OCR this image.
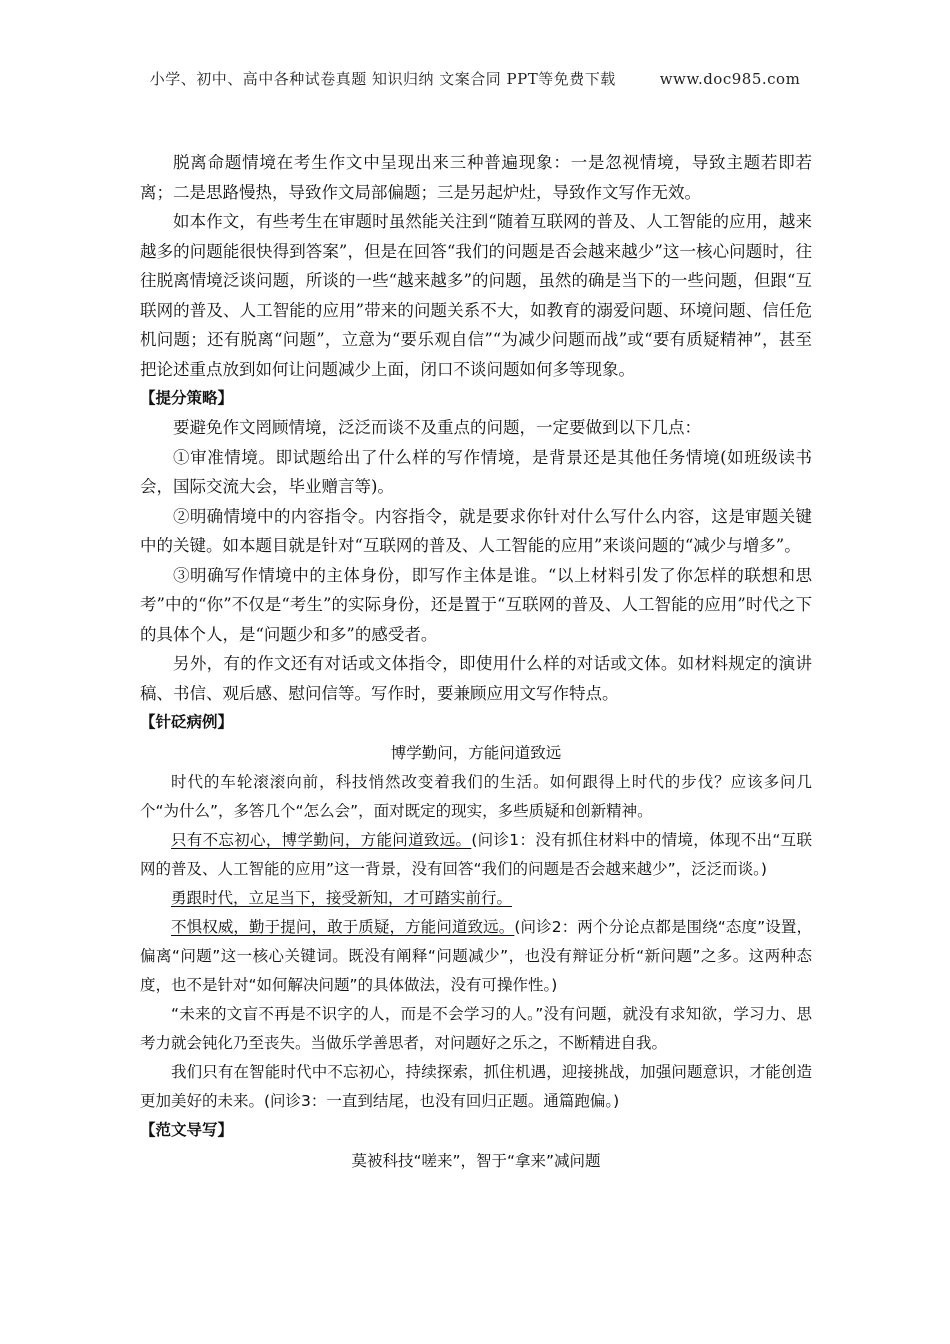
小学、初中、高中各种试卷真题 知识归纳 文案合同 PPT等免费下载	www.doc985.com

脱离命题情境在考生作文中呈现出来三种普遍现象：一是忽视情境，导致主题若即若离；二是思路慢热，导致作文局部偏题；三是另起炉灶，导致作文写作无效。

如本作文，有些考生在审题时虽然能关注到“随着互联网的普及、人工智能的应用，越来越多的问题能很快得到答案”，但是在回答“我们的问题是否会越来越少”这一核心问题时，往往脱离情境泛谈问题，所谈的一些“越来越多”的问题，虽然的确是当下的一些问题，但跟“互联网的普及、人工智能的应用”带来的问题关系不大，如教育的溺爱问题、环境问题、信任危机问题；还有脱离“问题”，立意为“要乐观自信”“为减少问题而战”或“要有质疑精神”，甚至把论述重点放到如何让问题减少上面，闭口不谈问题如何多等现象。

【提分策略】

要避免作文罔顾情境，泛泛而谈不及重点的问题，一定要做到以下几点：

①审准情境。即试题给出了什么样的写作情境，是背景还是其他任务情境(如班级读书会，国际交流大会，毕业赠言等)。

②明确情境中的内容指令。内容指令，就是要求你针对什么写什么内容，这是审题关键中的关键。如本题目就是针对“互联网的普及、人工智能的应用”来谈问题的“减少与增多”。

③明确写作情境中的主体身份，即写作主体是谁。“以上材料引发了你怎样的联想和思考”中的“你”不仅是“考生”的实际身份，还是置于“互联网的普及、人工智能的应用”时代之下的具体个人，是“问题少和多”的感受者。

另外，有的作文还有对话或文体指令，即使用什么样的对话或文体。如材料规定的演讲稿、书信、观后感、慰问信等。写作时，要兼顾应用文写作特点。

【针砭病例】

博学勤问，方能问道致远

时代的车轮滚滚向前，科技悄然改变着我们的生活。如何跟得上时代的步伐？应该多问几个“为什么”，多答几个“怎么会”，面对既定的现实，多些质疑和创新精神。

只有不忘初心，博学勤问，方能问道致远。(问诊1：没有抓住材料中的情境，体现不出“互联网的普及、人工智能的应用”这一背景，没有回答“我们的问题是否会越来越少”，泛泛而谈。)

勇跟时代，立足当下，接受新知，才可踏实前行。

不惧权威，勤于提问，敢于质疑，方能问道致远。(问诊2：两个分论点都是围绕“态度”设置，偏离“问题”这一核心关键词。既没有阐释“问题减少”，也没有辩证分析“新问题”之多。这两种态度，也不是针对“如何解决问题”的具体做法，没有可操作性。)

“未来的文盲不再是不识字的人，而是不会学习的人。”没有问题，就没有求知欲，学习力、思考力就会钝化乃至丧失。当做乐学善思者，对问题好之乐之，不断精进自我。

我们只有在智能时代中不忘初心，持续探索，抓住机遇，迎接挑战，加强问题意识，才能创造更加美好的未来。(问诊3：一直到结尾，也没有回归正题。通篇跑偏。)

【范文导写】

莫被科技“嗟来”，智于“拿来”减问题
